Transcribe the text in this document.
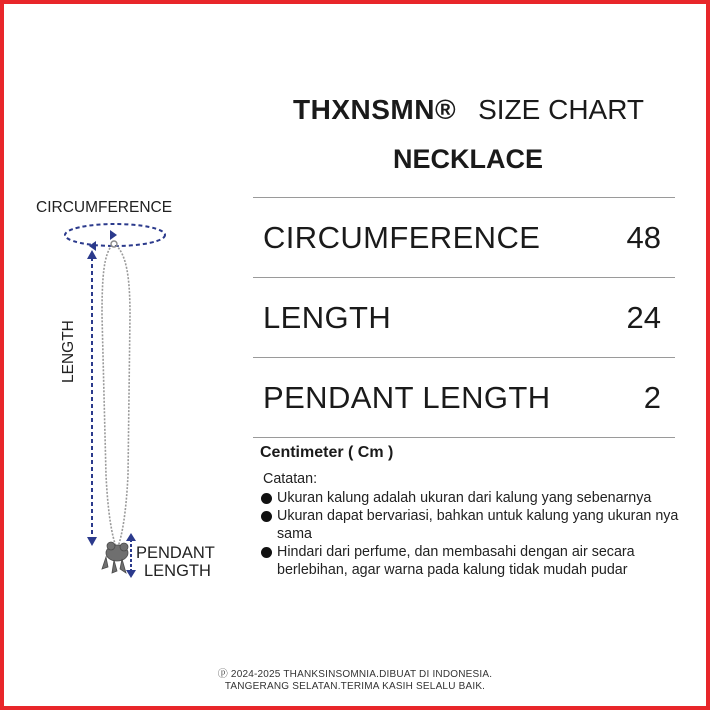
THXNSMN® SIZE CHART
NECKLACE
CIRCUMFERENCE	48
LENGTH	24
PENDANT LENGTH	2
Centimeter ( Cm )
Catatan:
Ukuran kalung adalah ukuran dari kalung yang sebenarnya
Ukuran dapat bervariasi, bahkan untuk kalung yang ukuran nya sama
Hindari dari perfume, dan membasahi dengan air secara berlebihan, agar warna pada kalung tidak mudah pudar
CIRCUMFERENCE
LENGTH
PENDANT
LENGTH
ⓟ 2024-2025 THANKSINSOMNIA.DIBUAT DI INDONESIA.
TANGERANG SELATAN.TERIMA KASIH SELALU BAIK.
